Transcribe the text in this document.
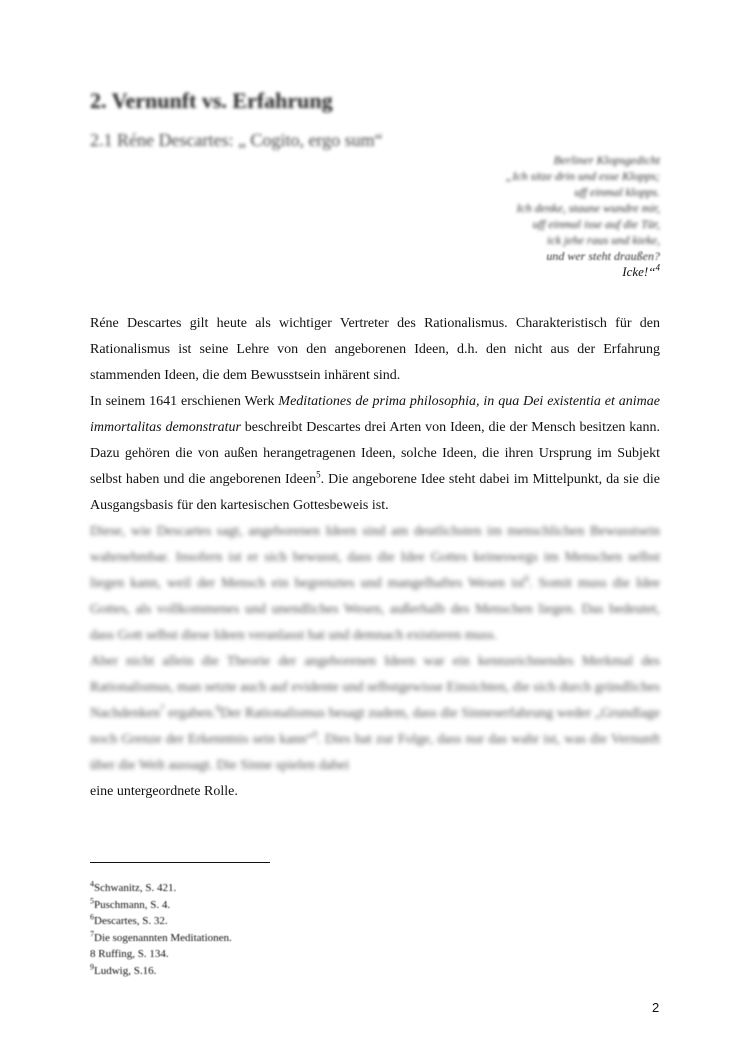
2. Vernunft vs. Erfahrung
2.1 Réne Descartes: „ Cogito, ergo sum“
Berliner Klopsgedicht
„Ich sitze drin und esse Klopps;
uff einmal klopps.
Ich denke, staune wundre mir,
uff einmal isse auf die Tür,
ick jehe raus und kieke,
und wer steht draußen?
Icke!“$^4$

Réne Descartes gilt heute als wichtiger Vertreter des Rationalismus. Charakteristisch für den Rationalismus ist seine Lehre von den angeborenen Ideen, d.h. den nicht aus der Erfahrung stammenden Ideen, die dem Bewusstsein inhärent sind.

In seinem 1641 erschienen Werk Meditationes de prima philosophia, in qua Dei existentia et animae immortalitas demonstratur beschreibt Descartes drei Arten von Ideen, die der Mensch besitzen kann. Dazu gehören die von außen herangetragenen Ideen, solche Ideen, die ihren Ursprung im Subjekt selbst haben und die angeborenen Ideen$^5$. Die angeborene Idee steht dabei im Mittelpunkt, da sie die Ausgangsbasis für den kartesischen Gottesbeweis ist.

Diese, wie Descartes sagt, angeborenen Ideen sind am deutlichsten im menschlichen Bewusstsein wahrnehmbar. Insofern ist er sich bewusst, dass die Idee Gottes keineswegs im Menschen selbst liegen kann, weil der Mensch ein begrenztes und mangelhaftes Wesen ist$^6$. Somit muss die Idee Gottes, als vollkommenes und unendliches Wesen, außerhalb des Menschen liegen. Das bedeutet, dass Gott selbst diese Ideen veranlasst hat und demnach existieren muss.

Aber nicht allein die Theorie der angeborenen Ideen war ein kennzeichnendes Merkmal des Rationalismus, man setzte auch auf evidente und selbstgewisse Einsichten, die sich durch gründliches Nachdenken$^7$ ergaben.$^8$Der Rationalismus besagt zudem, dass die Sinneserfahrung weder „Grundlage noch Grenze der Erkenntnis sein kann“$^9$. Dies hat zur Folge, dass nur das wahr ist, was die Vernunft über die Welt aussagt. Die Sinne spielen dabei
eine untergeordnete Rolle.

$^4$Schwanitz, S. 421.
$^5$Puschmann, S. 4.
$^6$Descartes, S. 32.
$^7$Die sogenannten Meditationen.
8 Ruffing, S. 134.
$^9$Ludwig, S.16.
2
